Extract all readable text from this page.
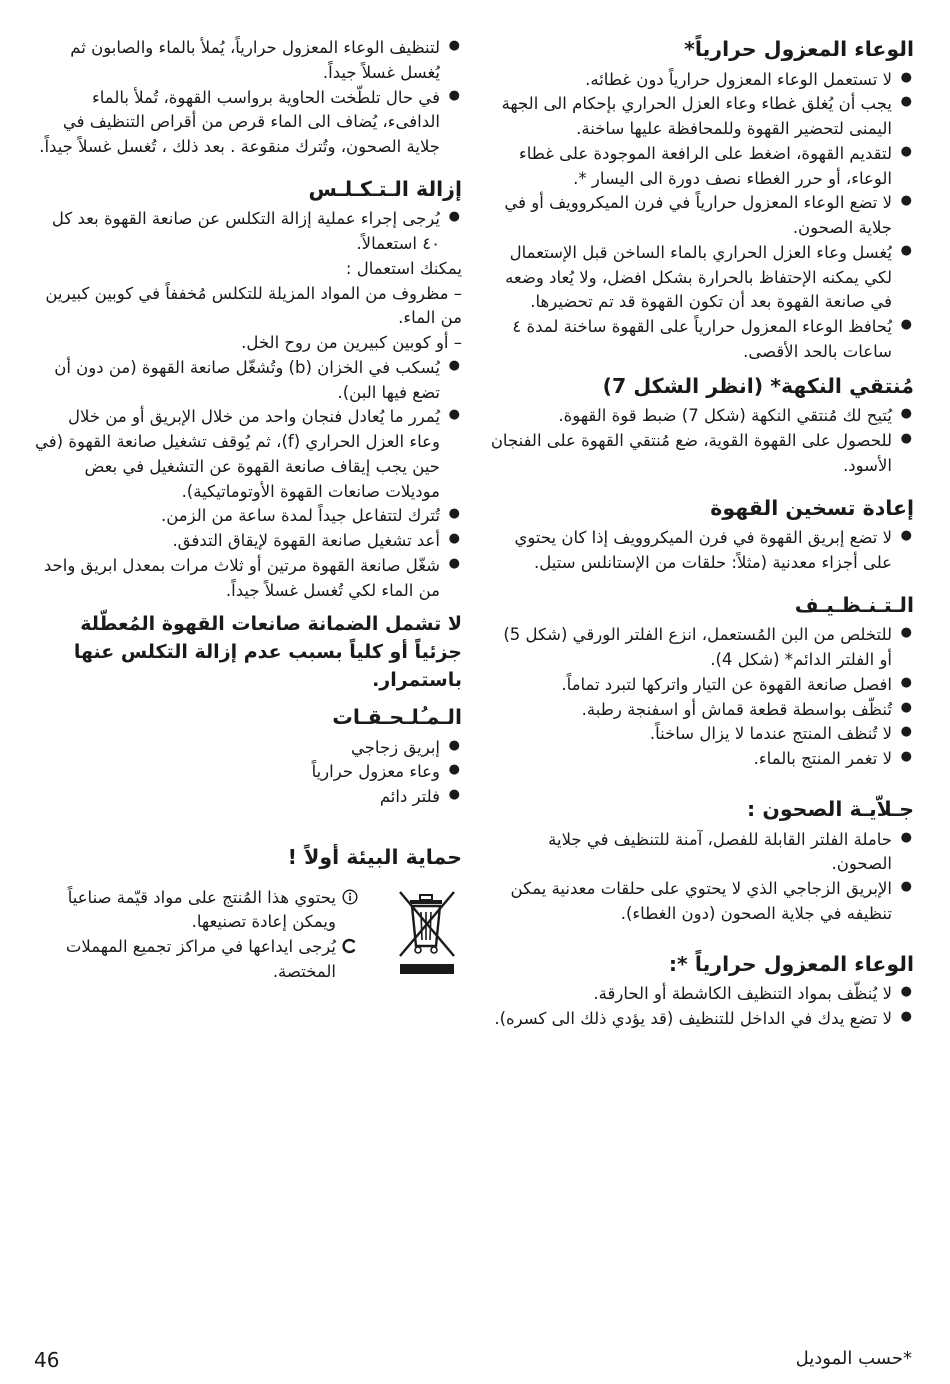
الوعاء المعزول حرارياً*
● لا تستعمل الوعاء المعزول حرارياً دون غطائه.
● يجب أن يُغلق غطاء وعاء العزل الحراري بإحكام الى الجهة اليمنى لتحضير القهوة وللمحافظة عليها ساخنة.
● لتقديم القهوة، اضغط على الرافعة الموجودة على غطاء الوعاء، أو حرر الغطاء نصف دورة الى اليسار *.
● لا تضع الوعاء المعزول حرارياً في فرن الميكروويف أو في جلاية الصحون.
● يُغسل وعاء العزل الحراري بالماء الساخن قبل الإستعمال لكي يمكنه الإحتفاظ بالحرارة بشكل افضل، ولا يُعاد وضعه في صانعة القهوة بعد أن تكون القهوة قد تم تحضيرها.
● يُحافظ الوعاء المعزول حرارياً على القهوة ساخنة لمدة ٤ ساعات بالحد الأقصى.
مُنتقي النكهة* (انظر الشكل 7)
● يُتيح لك مُنتقي النكهة (شكل 7) ضبط قوة القهوة.
● للحصول على القهوة القوية، ضع مُنتقي القهوة على الفنجان الأسود.
إعادة تسخين القهوة
● لا تضع إبريق القهوة في فرن الميكروويف إذا كان يحتوي على أجزاء معدنية (مثلاً: حلقات من الإستانلس ستيل.
الـتـنـظـيـف
● للتخلص من البن المُستعمل، انزع الفلتر الورقي (شكل 5) أو الفلتر الدائم* (شكل 4).
● افصل صانعة القهوة عن التيار واتركها لتبرد تماماً.
● تُنظّف بواسطة قطعة قماش أو اسفنجة رطبة.
● لا تُنظف المنتج عندما لا يزال ساخناً.
● لا تغمر المنتج بالماء.
جـلاّيـة الصحون :
● حاملة الفلتر القابلة للفصل، آمنة للتنظيف في جلاية الصحون.
● الإبريق الزجاجي الذي لا يحتوي على حلقات معدنية يمكن تنظيفه في جلاية الصحون (دون الغطاء).
الوعاء المعزول حرارياً *:
● لا يُنظّف بمواد التنظيف الكاشطة أو الحارقة.
● لا تضع يدك في الداخل للتنظيف (قد يؤدي ذلك الى كسره).
● لتنظيف الوعاء المعزول حرارياً، يُملأ بالماء والصابون ثم يُغسل غسلاً جيداً.
● في حال تلطّخت الحاوية برواسب القهوة، تُملأ بالماء الدافىء، يُضاف الى الماء قرص من أقراص التنظيف في جلاية الصحون، وتُترك منقوعة . بعد ذلك ، تُغسل غسلاً جيداً.
إزالة الـتـكـلـس
● يُرجى إجراء عملية إزالة التكلس عن صانعة القهوة بعد كل ٤٠ استعمالاً.

يمكنك استعمال :

– مظروف من المواد المزيلة للتكلس مُخففاً في كوبين كبيرين من الماء.

– أو كوبين كبيرين من روح الخل.

● يُسكب في الخزان (b) وتُشغّل صانعة القهوة (من دون أن تضع فيها البن).
● يُمرر ما يُعادل فنجان واحد من خلال الإبريق أو من خلال وعاء العزل الحراري (f)، ثم يُوقف تشغيل صانعة القهوة (في حين يجب إيقاف صانعة القهوة عن التشغيل في بعض موديلات صانعات القهوة الأوتوماتيكية).
● تُترك لتتفاعل جيداً لمدة ساعة من الزمن.
● أعد تشغيل صانعة القهوة لإيقاق التدفق.
● شغّل صانعة القهوة مرتين أو ثلاث مرات بمعدل ابريق واحد من الماء لكي تُغسل غسلاً جيداً.

لا تشمل الضمانة صانعات القهوة المُعطّلة جزئياً أو كلياً بسبب عدم إزالة التكلس عنها باستمرار.

الـمـُلـحـقـات
● إبريق زجاجي
● وعاء معزول حرارياً
● فلتر دائم
حماية البيئة أولاً !
يحتوي هذا المُنتج على مواد قيّمة صناعياً ويمكن إعادة تصنيعها.
يُرجى ايداعها في مراكز تجميع المهملات المختصة.
46	*حسب الموديل
